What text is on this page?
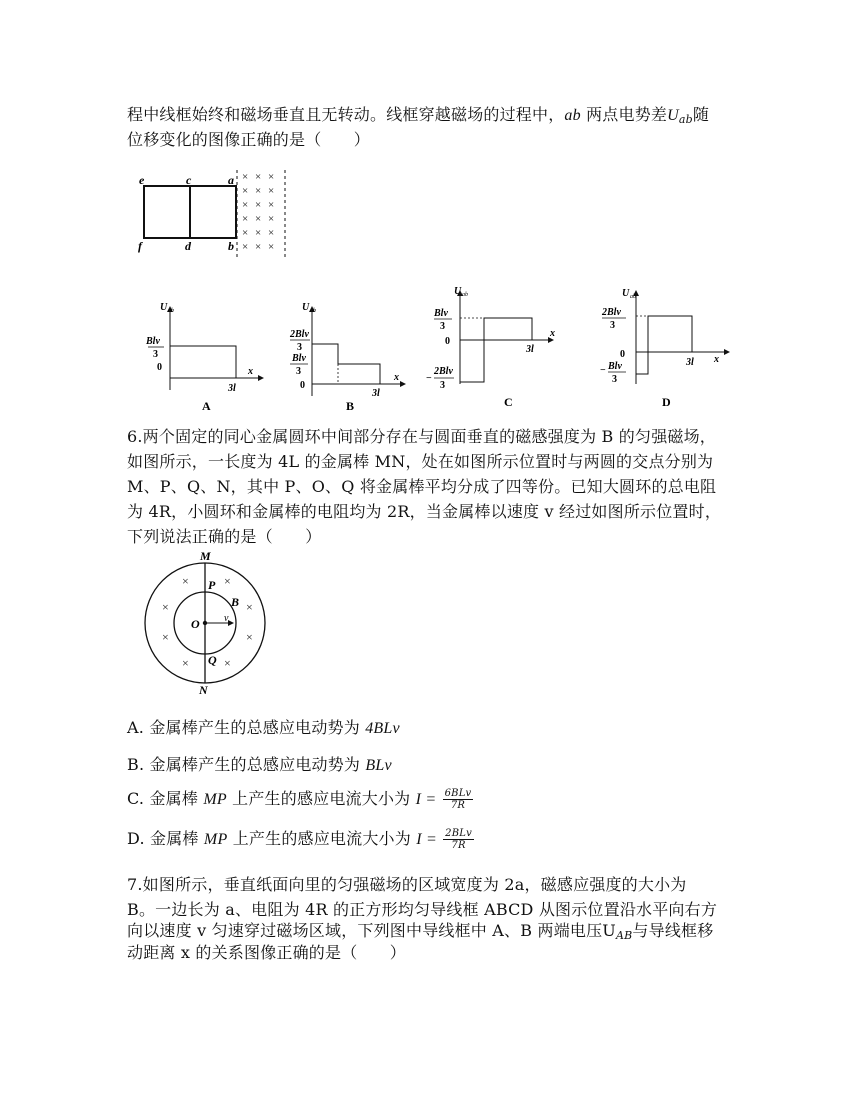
程中线框始终和磁场垂直且无转动。线框穿越磁场的过程中，ab 两点电势差$U_{ab}$随
位移变化的图像正确的是（　　）
e	c	a
f	d	b
× × ×
× × ×
× × ×
× × ×
× × ×
× × ×
U ab
Blv
3
0
3l
x
A
U ab
2Blv
3
Blv
3
0
3l
x
B
U ab
Blv
3
0
−
2Blv
3
3l
x
C
U ab
2Blv
3
0
− Blv
3
3l x
D
6.两个固定的同心金属圆环中间部分存在与圆面垂直的磁感强度为 B 的匀强磁场，
如图所示，一长度为 4L 的金属棒 MN，处在如图所示位置时与两圆的交点分别为
M、P、Q、N，其中 P、O、Q 将金属棒平均分成了四等份。已知大圆环的总电阻
为 4R，小圆环和金属棒的电阻均为 2R，当金属棒以速度 v 经过如图所示位置时，
下列说法正确的是（　　）
M
N
P
Q
O
B
v
×	×
×	×
×	×
×	×
A. 金属棒产生的总感应电动势为 4BLv
B. 金属棒产生的总感应电动势为 BLv
C. 金属棒 MP 上产生的感应电流大小为 $I = \frac{\text{6BLv}}{7R}$
D. 金属棒 MP 上产生的感应电流大小为 $I = \frac{\text{2BLv}}{7R}$
7.如图所示，垂直纸面向里的匀强磁场的区域宽度为 2a，磁感应强度的大小为
B。一边长为 a、电阻为 4R 的正方形均匀导线框 ABCD 从图示位置沿水平向右方
向以速度 v 匀速穿过磁场区域，下列图中导线框中 A、B 两端电压$U_{AB}$与导线框移
动距离 x 的关系图像正确的是（　　）
